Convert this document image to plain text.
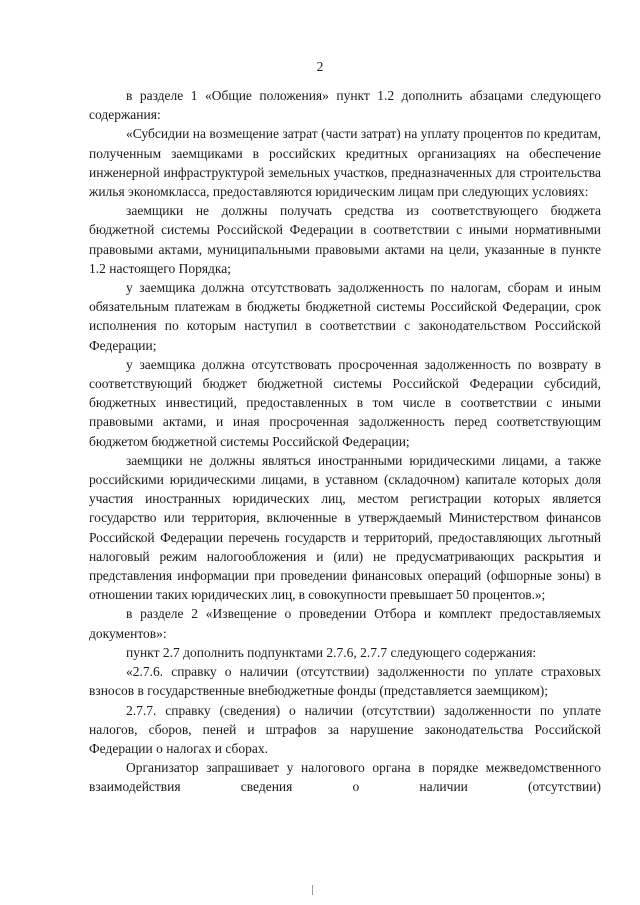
2

в разделе 1 «Общие положения» пункт 1.2 дополнить абзацами следующего содержания:

«Субсидии на возмещение затрат (части затрат) на уплату процентов по кредитам, полученным заемщиками в российских кредитных организациях на обеспечение инженерной инфраструктурой земельных участков, предназначенных для строительства жилья экономкласса, предоставляются юридическим лицам при следующих условиях:

заемщики не должны получать средства из соответствующего бюджета бюджетной системы Российской Федерации в соответствии с иными нормативными правовыми актами, муниципальными правовыми актами на цели, указанные в пункте 1.2 настоящего Порядка;

у заемщика должна отсутствовать задолженность по налогам, сборам и иным обязательным платежам в бюджеты бюджетной системы Российской Федерации, срок исполнения по которым наступил в соответствии с законодательством Российской Федерации;

у заемщика должна отсутствовать просроченная задолженность по возврату в соответствующий бюджет бюджетной системы Российской Федерации субсидий, бюджетных инвестиций, предоставленных в том числе в соответствии с иными правовыми актами, и иная просроченная задолженность перед соответствующим бюджетом бюджетной системы Российской Федерации;

заемщики не должны являться иностранными юридическими лицами, а также российскими юридическими лицами, в уставном (складочном) капитале которых доля участия иностранных юридических лиц, местом регистрации которых является государство или территория, включенные в утверждаемый Министерством финансов Российской Федерации перечень государств и территорий, предоставляющих льготный налоговый режим налогообложения и (или) не предусматривающих раскрытия и представления информации при проведении финансовых операций (офшорные зоны) в отношении таких юридических лиц, в совокупности превышает 50 процентов.»;

в разделе 2 «Извещение о проведении Отбора и комплект предоставляемых документов»:

пункт 2.7 дополнить подпунктами 2.7.6, 2.7.7 следующего содержания:

«2.7.6. справку о наличии (отсутствии) задолженности по уплате страховых взносов в государственные внебюджетные фонды (представляется заемщиком);

2.7.7. справку (сведения) о наличии (отсутствии) задолженности по уплате налогов, сборов, пеней и штрафов за нарушение законодательства Российской Федерации о налогах и сборах.

Организатор запрашивает у налогового органа в порядке межведомственного взаимодействия сведения о наличии (отсутствии)
